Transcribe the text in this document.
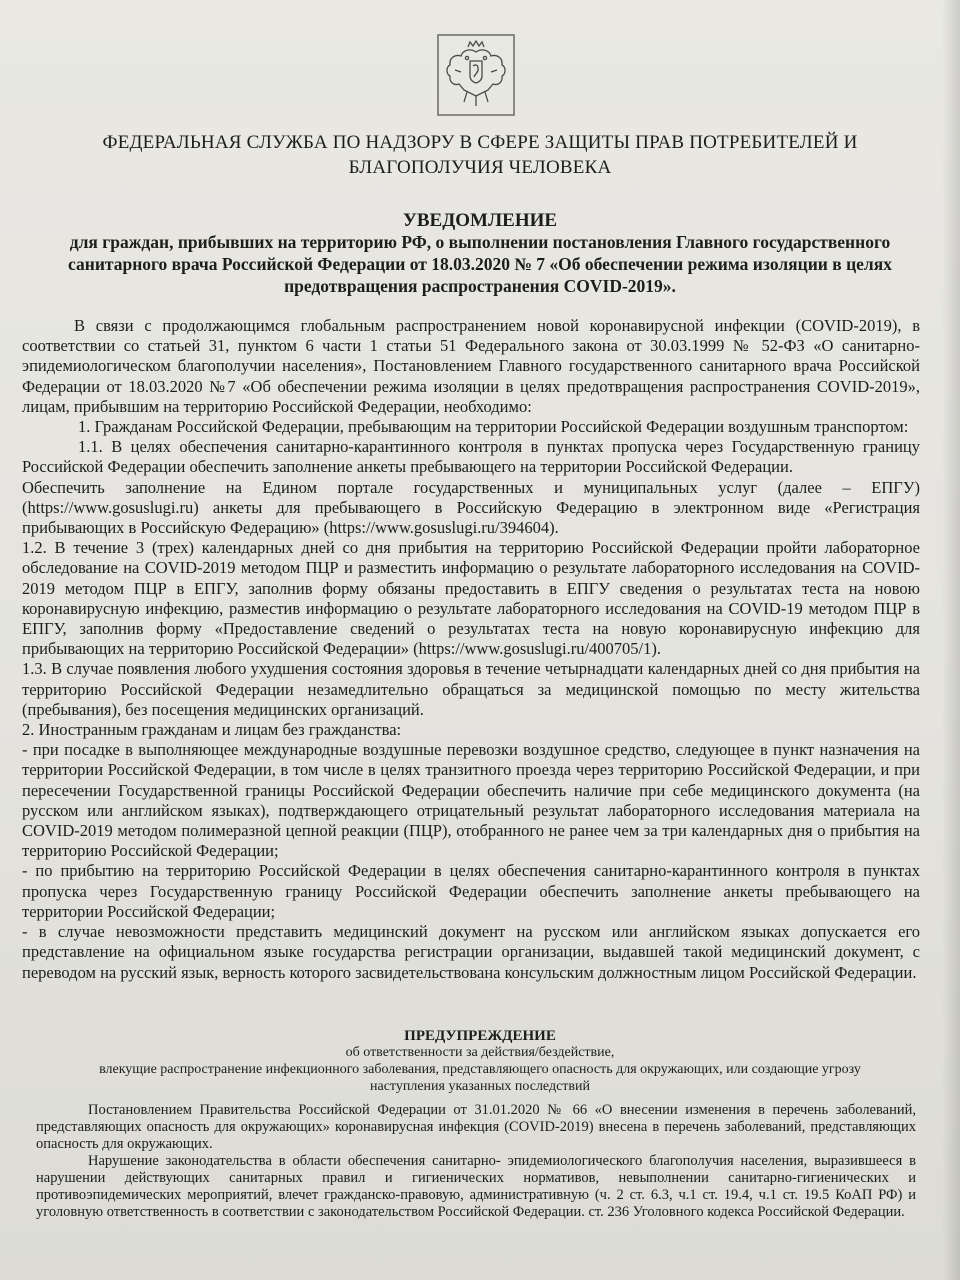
ФЕДЕРАЛЬНАЯ СЛУЖБА ПО НАДЗОРУ В СФЕРЕ ЗАЩИТЫ ПРАВ ПОТРЕБИТЕЛЕЙ И
БЛАГОПОЛУЧИЯ ЧЕЛОВЕКА
УВЕДОМЛЕНИЕ
для граждан, прибывших на территорию РФ, о выполнении постановления Главного государственного санитарного врача Российской Федерации от 18.03.2020 № 7 «Об обеспечении режима изоляции в целях предотвращения распространения COVID-2019».

В связи с продолжающимся глобальным распространением новой коронавирусной инфекции (COVID-2019), в соответствии со статьей 31, пунктом 6 части 1 статьи 51 Федерального закона от 30.03.1999 № 52-ФЗ «О санитарно-эпидемиологическом благополучии населения», Постановлением Главного государственного санитарного врача Российской Федерации от 18.03.2020 №7 «Об обеспечении режима изоляции в целях предотвращения распространения COVID-2019», лицам, прибывшим на территорию Российской Федерации, необходимо:

1. Гражданам Российской Федерации, пребывающим на территории Российской Федерации воздушным транспортом:

1.1. В целях обеспечения санитарно-карантинного контроля в пунктах пропуска через Государственную границу Российской Федерации обеспечить заполнение анкеты пребывающего на территории Российской Федерации.

Обеспечить заполнение на Едином портале государственных и муниципальных услуг (далее – ЕПГУ) (https://www.gosuslugi.ru) анкеты для пребывающего в Российскую Федерацию в электронном виде «Регистрация прибывающих в Российскую Федерацию» (https://www.gosuslugi.ru/394604).

1.2. В течение 3 (трех) календарных дней со дня прибытия на территорию Российской Федерации пройти лабораторное обследование на COVID-2019 методом ПЦР и разместить информацию о результате лабораторного исследования на COVID-2019 методом ПЦР в ЕПГУ, заполнив форму обязаны предоставить в ЕПГУ сведения о результатах теста на новою коронавирусную инфекцию, разместив информацию о результате лабораторного исследования на COVID-19 методом ПЦР в ЕПГУ, заполнив форму «Предоставление сведений о результатах теста на новую коронавирусную инфекцию для прибывающих на территорию Российской Федерации» (https://www.gosuslugi.ru/400705/1).

1.3. В случае появления любого ухудшения состояния здоровья в течение четырнадцати календарных дней со дня прибытия на территорию Российской Федерации незамедлительно обращаться за медицинской помощью по месту жительства (пребывания), без посещения медицинских организаций.

2. Иностранным гражданам и лицам без гражданства:

- при посадке в выполняющее международные воздушные перевозки воздушное средство, следующее в пункт назначения на территории Российской Федерации, в том числе в целях транзитного проезда через территорию Российской Федерации, и при пересечении Государственной границы Российской Федерации обеспечить наличие при себе медицинского документа (на русском или английском языках), подтверждающего отрицательный результат лабораторного исследования материала на COVID-2019 методом полимеразной цепной реакции (ПЦР), отобранного не ранее чем за три календарных дня о прибытия на территорию Российской Федерации;

- по прибытию на территорию Российской Федерации в целях обеспечения санитарно-карантинного контроля в пунктах пропуска через Государственную границу Российской Федерации обеспечить заполнение анкеты пребывающего на территории Российской Федерации;

- в случае невозможности представить медицинский документ на русском или английском языках допускается его представление на официальном языке государства регистрации организации, выдавшей такой медицинский документ, с переводом на русский язык, верность которого засвидетельствована консульским должностным лицом Российской Федерации.

ПРЕДУПРЕЖДЕНИЕ
об ответственности за действия/бездействие,
влекущие распространение инфекционного заболевания, представляющего опасность для окружающих, или создающие угрозу
наступления указанных последствий

Постановлением Правительства Российской Федерации от 31.01.2020 № 66 «О внесении изменения в перечень заболеваний, представляющих опасность для окружающих» коронавирусная инфекция (COVID-2019) внесена в перечень заболеваний, представляющих опасность для окружающих.

Нарушение законодательства в области обеспечения санитарно- эпидемиологического благополучия населения, выразившееся в нарушении действующих санитарных правил и гигиенических нормативов, невыполнении санитарно-гигиенических и противоэпидемических мероприятий, влечет гражданско-правовую, административную (ч. 2 ст. 6.3, ч.1 ст. 19.4, ч.1 ст. 19.5 КоАП РФ) и уголовную ответственность в соответствии с законодательством Российской Федерации. ст. 236 Уголовного кодекса Российской Федерации.
